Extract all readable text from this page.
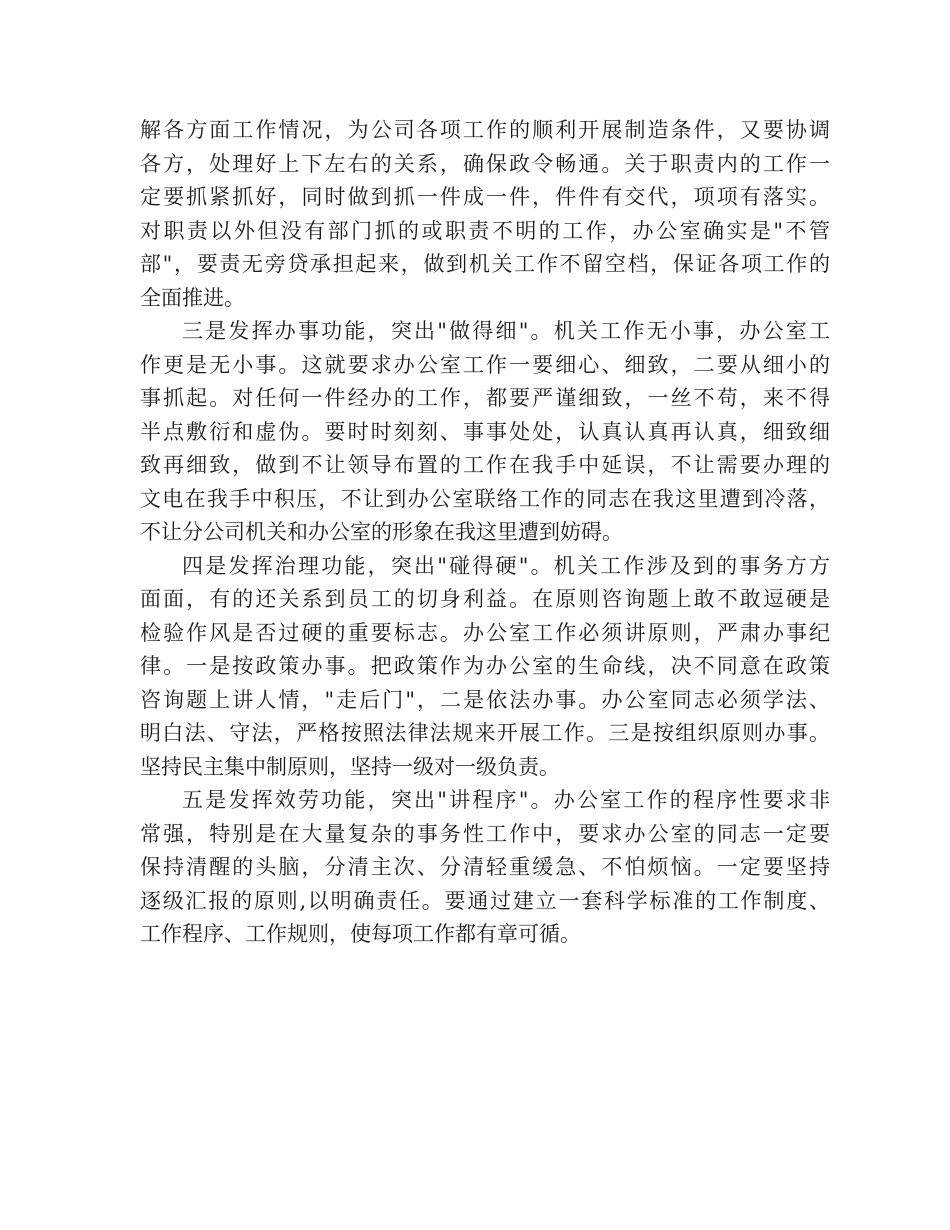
解各方面工作情况，为公司各项工作的顺利开展制造条件，又要协调
各方，处理好上下左右的关系，确保政令畅通。关于职责内的工作一
定要抓紧抓好，同时做到抓一件成一件，件件有交代，项项有落实。
对职责以外但没有部门抓的或职责不明的工作，办公室确实是"不管
部"，要责无旁贷承担起来，做到机关工作不留空档，保证各项工作的
全面推进。
三是发挥办事功能，突出"做得细"。机关工作无小事，办公室工
作更是无小事。这就要求办公室工作一要细心、细致，二要从细小的
事抓起。对任何一件经办的工作，都要严谨细致，一丝不苟，来不得
半点敷衍和虚伪。要时时刻刻、事事处处，认真认真再认真，细致细
致再细致，做到不让领导布置的工作在我手中延误，不让需要办理的
文电在我手中积压，不让到办公室联络工作的同志在我这里遭到冷落，
不让分公司机关和办公室的形象在我这里遭到妨碍。
四是发挥治理功能，突出"碰得硬"。机关工作涉及到的事务方方
面面，有的还关系到员工的切身利益。在原则咨询题上敢不敢逗硬是
检验作风是否过硬的重要标志。办公室工作必须讲原则，严肃办事纪
律。一是按政策办事。把政策作为办公室的生命线，决不同意在政策
咨询题上讲人情，"走后门"，二是依法办事。办公室同志必须学法、
明白法、守法，严格按照法律法规来开展工作。三是按组织原则办事。
坚持民主集中制原则，坚持一级对一级负责。
五是发挥效劳功能，突出"讲程序"。办公室工作的程序性要求非
常强，特别是在大量复杂的事务性工作中，要求办公室的同志一定要
保持清醒的头脑，分清主次、分清轻重缓急、不怕烦恼。一定要坚持
逐级汇报的原则,以明确责任。要通过建立一套科学标准的工作制度、
工作程序、工作规则，使每项工作都有章可循。
